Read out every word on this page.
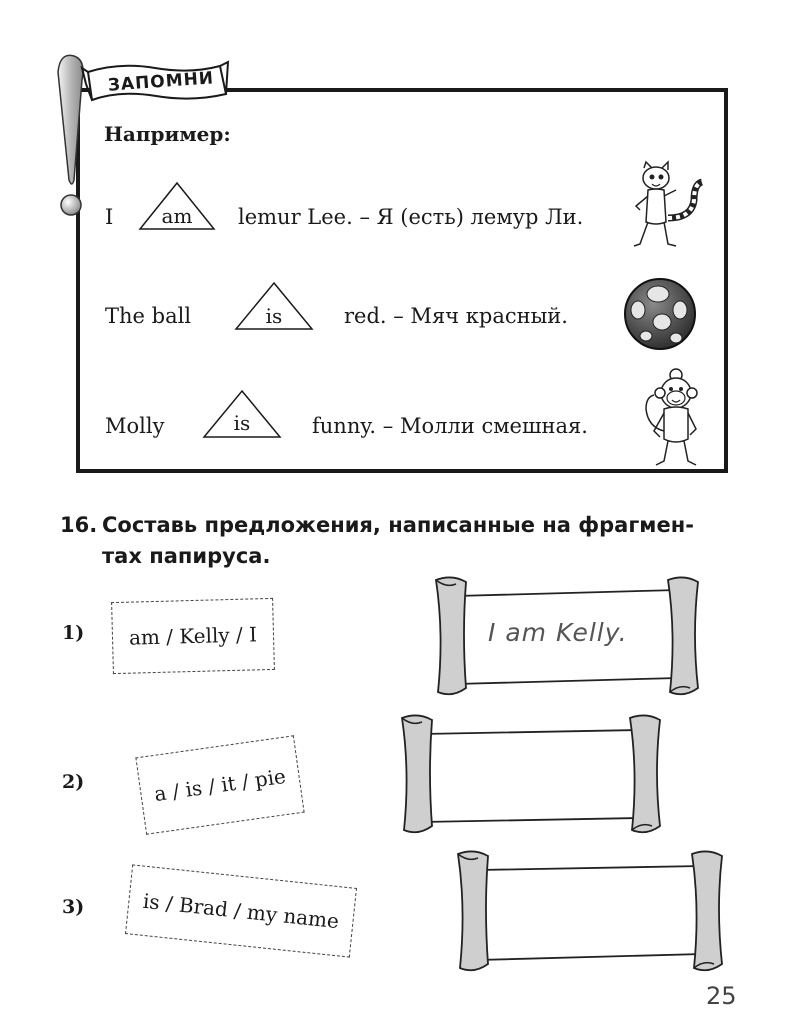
ЗАПОМНИ
Например:
I	am	lemur Lee. – Я (есть) лемур Ли.
The ball	is	red. – Мяч красный.
Molly	is	funny. – Молли смешная.
16. Составь предложения, написанные на фрагмен-
тах папируса.
1) am / Kelly / I
2)	a / is / it / pie
3)	is / Brad / my name
I am Kelly.
25
